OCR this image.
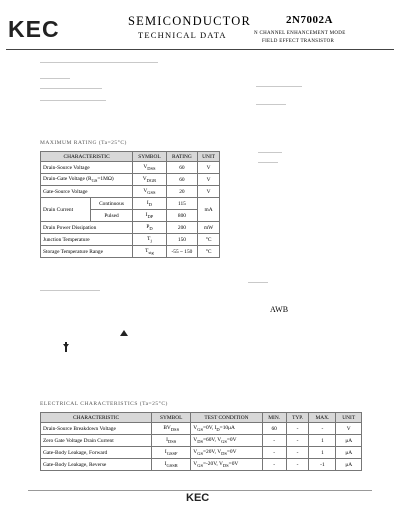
KEC	SEMICONDUCTOR
TECHNICAL DATA
2N7002A
N CHANNEL ENHANCEMENT MODE
FIELD EFFECT TRANSISTOR
MAXIMUM RATING (Ta=25°C)
CHARACTERISTIC		SYMBOL	RATING	UNIT
Drain-Source Voltage		$V_{DSS}$	60	V
Drain-Gate Voltage $(R_{GS}=1M\Omega)$		$V_{DGR}$	60	V
Gate-Source Voltage		$V_{GSS}$	20	V
Drain Current	Continuous	$I_D$	115	mA
	Pulsed	$I_{DP}$	800	
Drain Power Dissipation		$P_D$	200	mW
Junction Temperature		$T_j$	150	°C
Storage Temperature Range		$T_{stg}$	-55 ~ 150	°C
AWB
ELECTRICAL CHARACTERISTICS (Ta=25°C)
CHARACTERISTIC	SYMBOL	TEST CONDITION	MIN.	TYP.	MAX.	UNIT
Drain-Source Breakdown Voltage	$BV_{DSS}$	$V_{GS}=0V$, $I_D=10\mu A$	60	-	-	V
Zero Gate Voltage Drain Current	$I_{DSS}$	$V_{DS}=60V$, $V_{GS}=0V$	-	-	1	μA
Gate-Body Leakage, Forward	$I_{GSSF}$	$V_{GS}=20V$, $V_{DS}=0V$	-	-	1	μA
Gate-Body Leakage, Reverse	$I_{GSSR}$	$V_{GS}=-20V$, $V_{DS}=0V$	-	-	-1	μA
KEC
